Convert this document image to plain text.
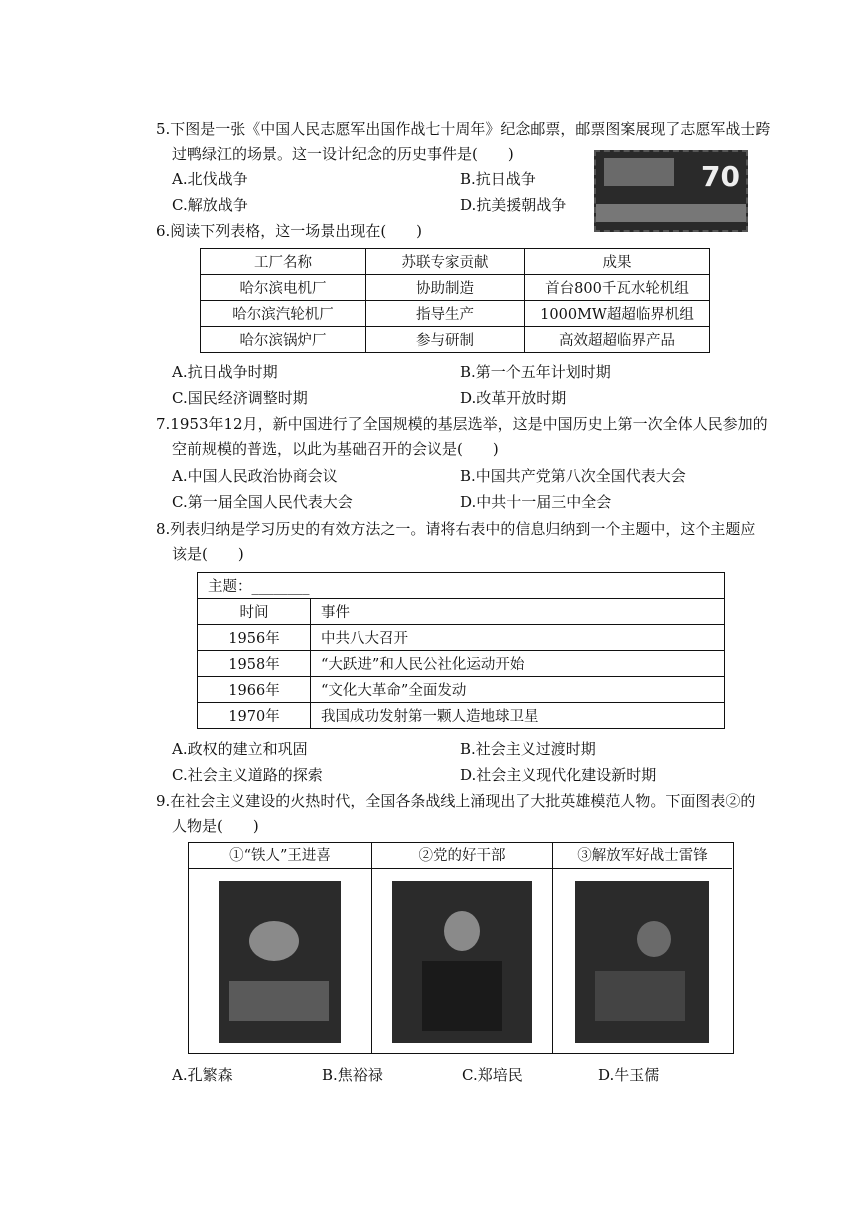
5.下图是一张《中国人民志愿军出国作战七十周年》纪念邮票，邮票图案展现了志愿军战士跨
过鸭绿江的场景。这一设计纪念的历史事件是(　　)
70
A.北伐战争	B.抗日战争
C.解放战争	D.抗美援朝战争
6.阅读下列表格，这一场景出现在(　　)
工厂名称	苏联专家贡献	成果
哈尔滨电机厂	协助制造	首台800千瓦水轮机组
哈尔滨汽轮机厂	指导生产	1000MW超超临界机组
哈尔滨锅炉厂	参与研制	高效超超临界产品
A.抗日战争时期	B.第一个五年计划时期
C.国民经济调整时期	D.改革开放时期
7.1953年12月，新中国进行了全国规模的基层选举，这是中国历史上第一次全体人民参加的
空前规模的普选，以此为基础召开的会议是(　　)
A.中国人民政治协商会议	B.中国共产党第八次全国代表大会
C.第一届全国人民代表大会	D.中共十一届三中全会
8.列表归纳是学习历史的有效方法之一。请将右表中的信息归纳到一个主题中，这个主题应
该是(　　)
主题：________	
时间	事件
1956年	中共八大召开
1958年	“大跃进”和人民公社化运动开始
1966年	“文化大革命”全面发动
1970年	我国成功发射第一颗人造地球卫星
A.政权的建立和巩固	B.社会主义过渡时期
C.社会主义道路的探索	D.社会主义现代化建设新时期
9.在社会主义建设的火热时代，全国各条战线上涌现出了大批英雄模范人物。下面图表②的
人物是(　　)
①“铁人”王进喜	②党的好干部	③解放军好战士雷锋
A.孔繁森	B.焦裕禄	C.郑培民	D.牛玉儒
